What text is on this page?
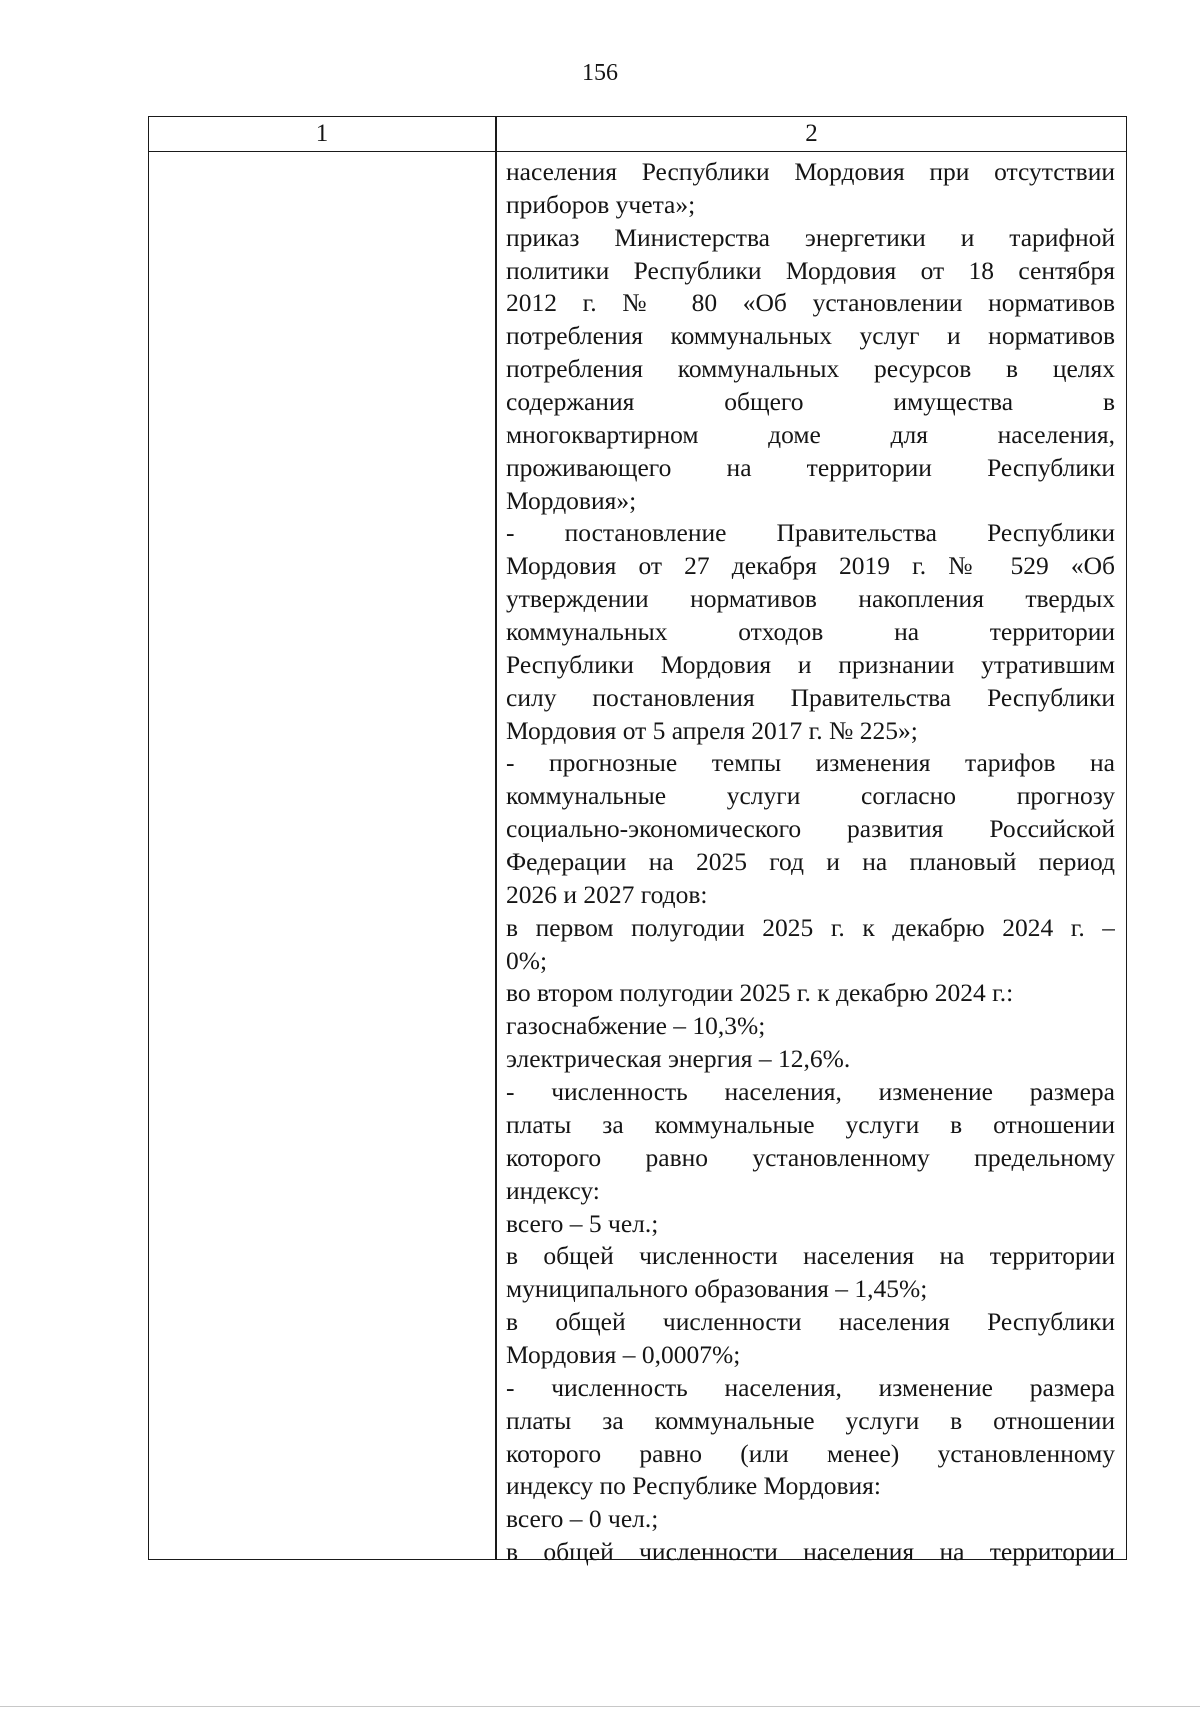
156
1	2
населения Республики Мордовия при отсутствии
приборов учета»;
приказ Министерства энергетики и тарифной
политики Республики Мордовия от 18 сентября
2012 г. № 80 «Об установлении нормативов
потребления коммунальных услуг и нормативов
потребления коммунальных ресурсов в целях
содержания общего имущества в
многоквартирном доме для населения,
проживающего на территории Республики
Мордовия»;
- постановление Правительства Республики
Мордовия от 27 декабря 2019 г. № 529 «Об
утверждении нормативов накопления твердых
коммунальных отходов на территории
Республики Мордовия и признании утратившим
силу постановления Правительства Республики
Мордовия от 5 апреля 2017 г. № 225»;
- прогнозные темпы изменения тарифов на
коммунальные услуги согласно прогнозу
социально-экономического развития Российской
Федерации на 2025 год и на плановый период
2026 и 2027 годов:
в первом полугодии 2025 г. к декабрю 2024 г. –
0%;
во втором полугодии 2025 г. к декабрю 2024 г.:
газоснабжение – 10,3%;
электрическая энергия – 12,6%.
- численность населения, изменение размера
платы за коммунальные услуги в отношении
которого равно установленному предельному
индексу:
всего – 5 чел.;
в общей численности населения на территории
муниципального образования – 1,45%;
в общей численности населения Республики
Мордовия – 0,0007%;
- численность населения, изменение размера
платы за коммунальные услуги в отношении
которого равно (или менее) установленному
индексу по Республике Мордовия:
всего – 0 чел.;
в общей численности населения на территории
